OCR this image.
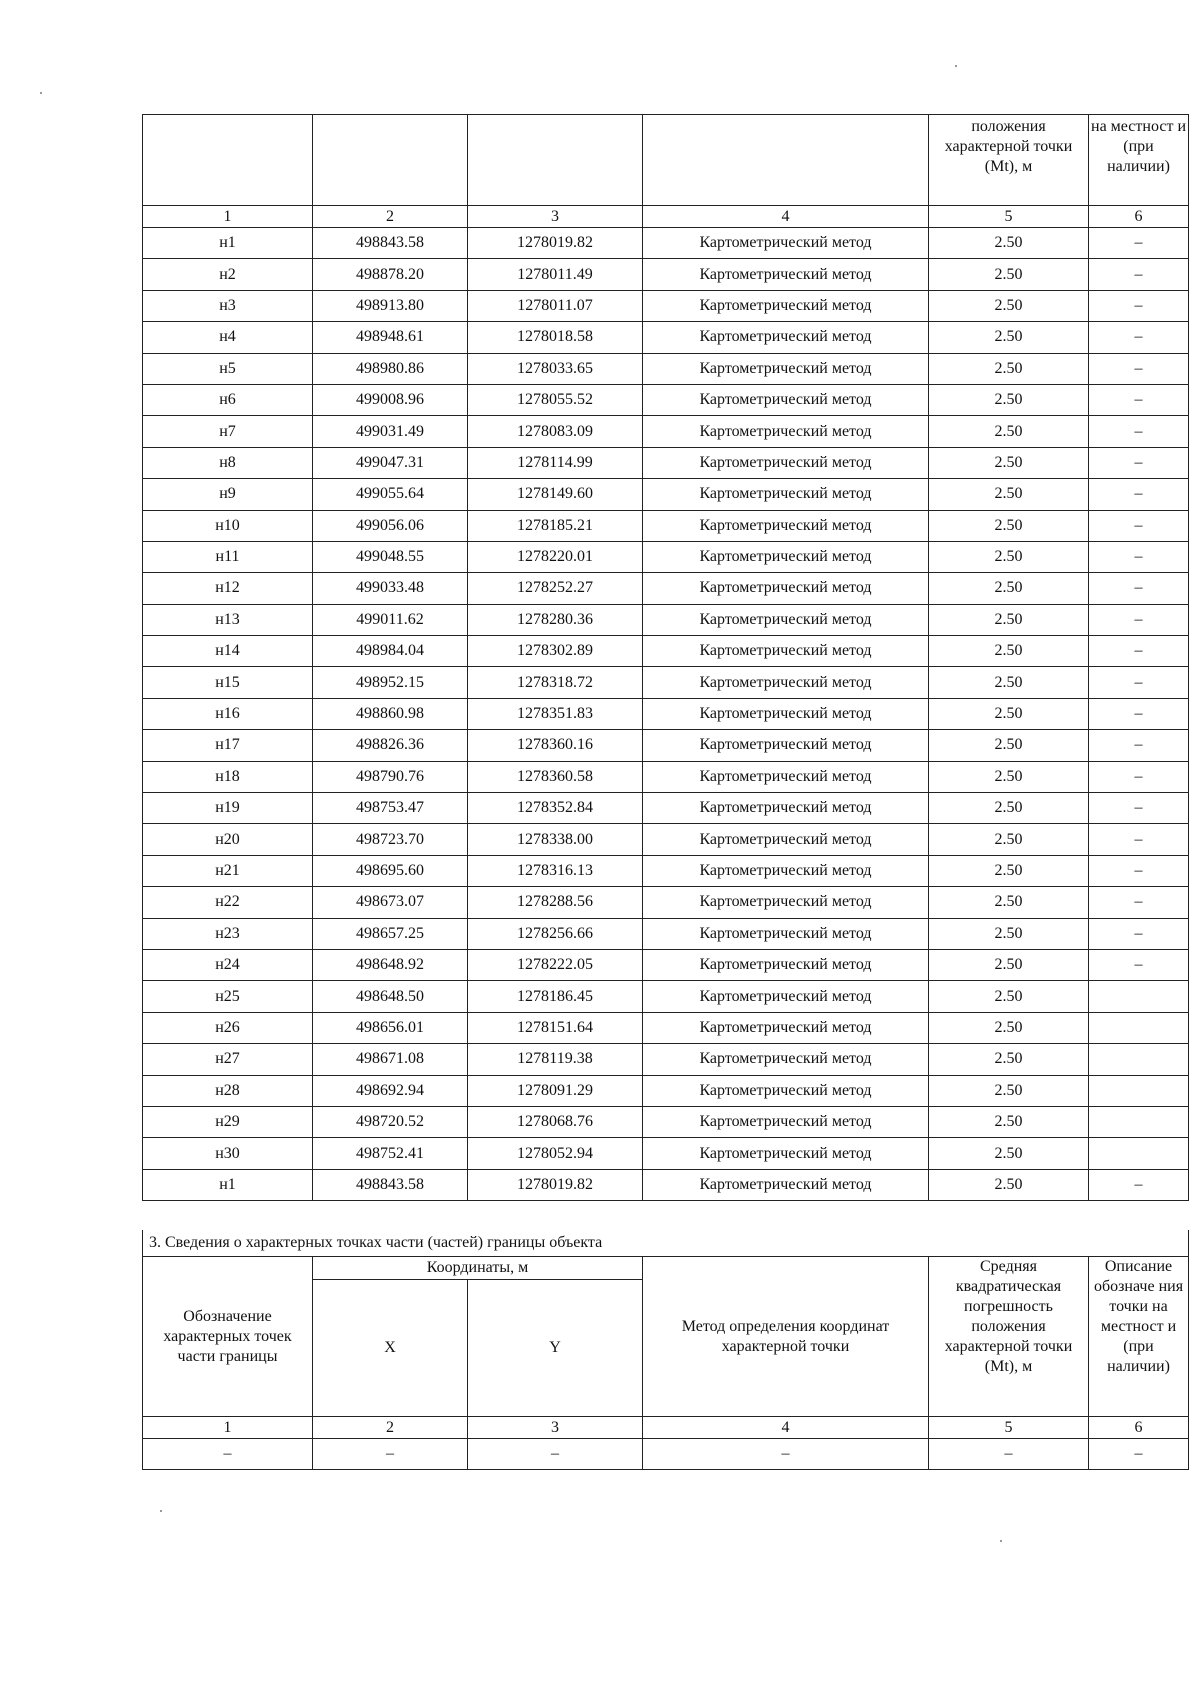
				положения характерной точки (Mt), м	на местност и (при наличии)
1	2	3	4	5	6
н1	498843.58	1278019.82	Картометрический метод	2.50	–
н2	498878.20	1278011.49	Картометрический метод	2.50	–
н3	498913.80	1278011.07	Картометрический метод	2.50	–
н4	498948.61	1278018.58	Картометрический метод	2.50	–
н5	498980.86	1278033.65	Картометрический метод	2.50	–
н6	499008.96	1278055.52	Картометрический метод	2.50	–
н7	499031.49	1278083.09	Картометрический метод	2.50	–
н8	499047.31	1278114.99	Картометрический метод	2.50	–
н9	499055.64	1278149.60	Картометрический метод	2.50	–
н10	499056.06	1278185.21	Картометрический метод	2.50	–
н11	499048.55	1278220.01	Картометрический метод	2.50	–
н12	499033.48	1278252.27	Картометрический метод	2.50	–
н13	499011.62	1278280.36	Картометрический метод	2.50	–
н14	498984.04	1278302.89	Картометрический метод	2.50	–
н15	498952.15	1278318.72	Картометрический метод	2.50	–
н16	498860.98	1278351.83	Картометрический метод	2.50	–
н17	498826.36	1278360.16	Картометрический метод	2.50	–
н18	498790.76	1278360.58	Картометрический метод	2.50	–
н19	498753.47	1278352.84	Картометрический метод	2.50	–
н20	498723.70	1278338.00	Картометрический метод	2.50	–
н21	498695.60	1278316.13	Картометрический метод	2.50	–
н22	498673.07	1278288.56	Картометрический метод	2.50	–
н23	498657.25	1278256.66	Картометрический метод	2.50	–
н24	498648.92	1278222.05	Картометрический метод	2.50	–
н25	498648.50	1278186.45	Картометрический метод	2.50	
н26	498656.01	1278151.64	Картометрический метод	2.50	
н27	498671.08	1278119.38	Картометрический метод	2.50	
н28	498692.94	1278091.29	Картометрический метод	2.50	
н29	498720.52	1278068.76	Картометрический метод	2.50	
н30	498752.41	1278052.94	Картометрический метод	2.50	
н1	498843.58	1278019.82	Картометрический метод	2.50	–
3. Сведения о характерных точках части (частей) границы объекта					
Обозначение характерных точек части границы	Координаты, м		Метод определения координат характерной точки	Средняя квадратическая погрешность положения характерной точки (Mt), м	Описание обозначе ния точки на местност и (при наличии)
	X	Y			
1	2	3	4	5	6
–	–	–	–	–	–
